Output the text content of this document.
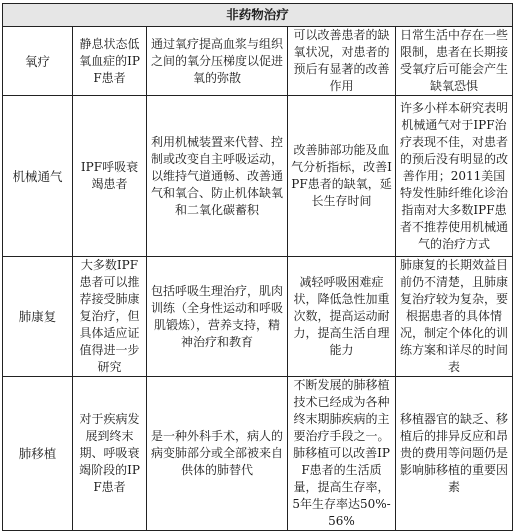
非药物治疗				
氧疗	静息状态低氧血症的IPF患者	通过氧疗提高血浆与组织之间的氧分压梯度以促进氧的弥散	可以改善患者的缺氧状况，对患者的预后有显著的改善作用	日常生活中存在一些限制，患者在长期接受氧疗后可能会产生缺氧恐惧

机械通气	IPF呼吸衰竭患者	利用机械装置来代替、控制或改变自主呼吸运动，以维持气道通畅、改善通气和氧合、防止机体缺氧和二氧化碳蓄积	改善肺部功能及血气分析指标，改善IPF患者的缺氧，延长生存时间	许多小样本研究表明机械通气对于IPF治疗表现不佳，对患者的预后没有明显的改善作用；2011美国特发性肺纤维化诊治指南对大多数IPF患者不推荐使用机械通气的治疗方式

肺康复	大多数IPF患者可以推荐接受肺康复治疗，但具体适应证值得进一步研究	包括呼吸生理治疗，肌肉训练（全身性运动和呼吸肌锻炼），营养支持，精神治疗和教育	减轻呼吸困难症状，降低急性加重次数，提高运动耐力，提高生活自理能力	肺康复的长期效益目前仍不清楚，且肺康复治疗较为复杂，要根据患者的具体情况，制定个体化的训练方案和详尽的时间表

肺移植	对于疾病发展到终末期、呼吸衰竭阶段的IPF患者	是一种外科手术，病人的病变肺部分或全部被来自供体的肺替代	不断发展的肺移植技术已经成为各种终末期肺疾病的主要治疗手段之一。肺移植可以改善IPF患者的生活质量，提高生存率，5年生存率达50%-56%	移植器官的缺乏、移植后的排异反应和昂贵的费用等问题仍是影响肺移植的重要因素
